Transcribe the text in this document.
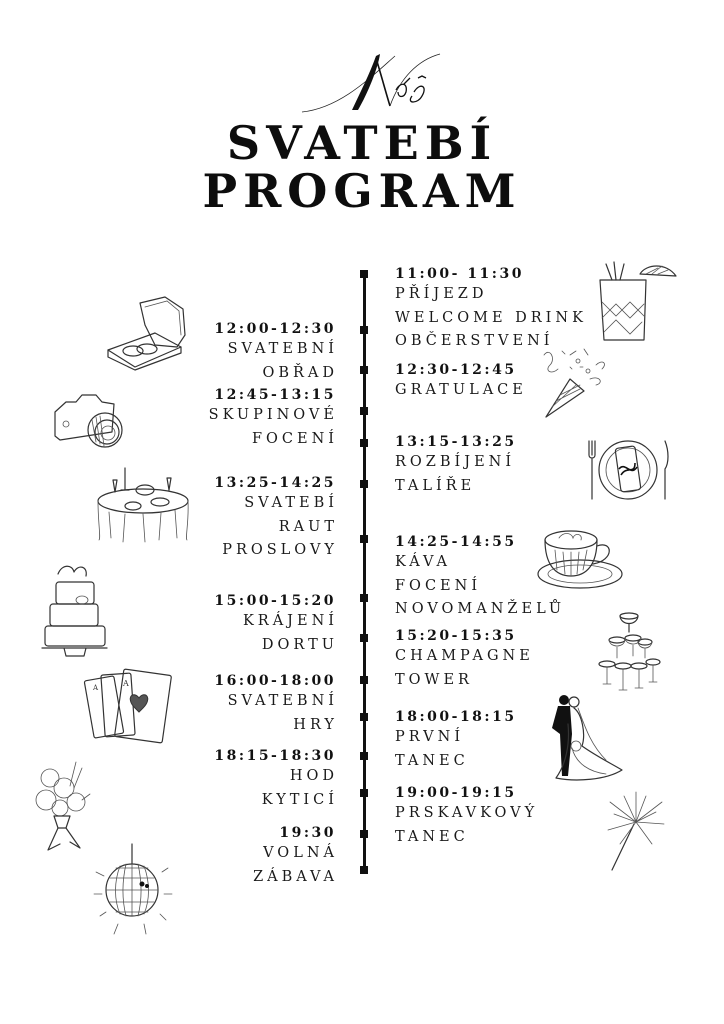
SVATEBÍ
PROGRAM
12:00-12:30
SVATEBNÍ
OBŘAD
12:45-13:15
SKUPINOVÉ
FOCENÍ
13:25-14:25
SVATEBÍ
RAUT
PROSLOVY
15:00-15:20
KRÁJENÍ
DORTU
16:00-18:00
SVATEBNÍ
HRY
18:15-18:30
HOD
KYTICÍ
19:30
VOLNÁ
ZÁBAVA
11:00- 11:30
PŘÍJEZD
WELCOME DRINK
OBČERSTVENÍ
12:30-12:45
GRATULACE
13:15-13:25
ROZBÍJENÍ
TALÍŘE
14:25-14:55
KÁVA
FOCENÍ
NOVOMANŽELŮ
15:20-15:35
CHAMPAGNE
TOWER
18:00-18:15
PRVNÍ
TANEC
19:00-19:15
PRSKAVKOVÝ
TANEC
A
A
